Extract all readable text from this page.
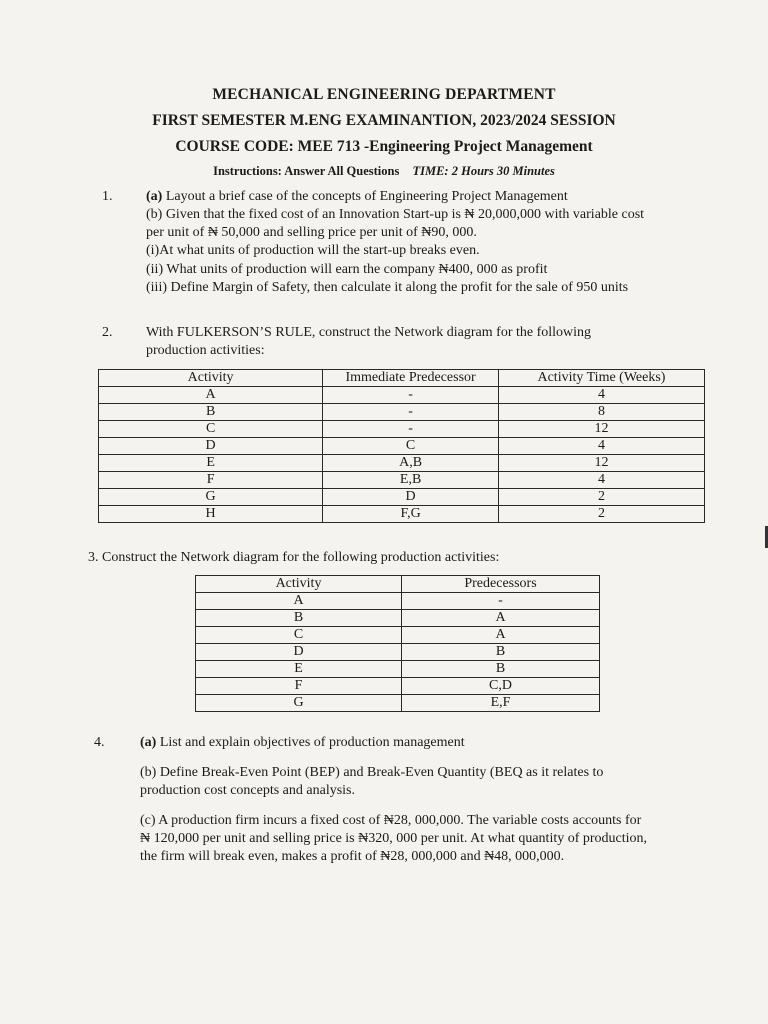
MECHANICAL ENGINEERING DEPARTMENT
FIRST SEMESTER M.ENG EXAMINANTION, 2023/2024 SESSION
COURSE CODE: MEE 713 -Engineering Project Management
Instructions: Answer All Questions TIME: 2 Hours 30 Minutes
1. (a) Layout a brief case of the concepts of Engineering Project Management
(b) Given that the fixed cost of an Innovation Start-up is ₦ 20,000,000 with variable cost
per unit of ₦ 50,000 and selling price per unit of ₦90, 000.
(i)At what units of production will the start-up breaks even.
(ii) What units of production will earn the company ₦400, 000 as profit
(iii) Define Margin of Safety, then calculate it along the profit for the sale of 950 units
2. With FULKERSON’S RULE, construct the Network diagram for the following
production activities:
Activity	Immediate Predecessor	Activity Time (Weeks)
A	-	4
B	-	8
C	-	12
D	C	4
E	A,B	12
F	E,B	4
G	D	2
H	F,G	2
3. Construct the Network diagram for the following production activities:
Activity	Predecessors
A	-
B	A
C	A
D	B
E	B
F	C,D
G	E,F
4.	(a) List and explain objectives of production management
(b) Define Break-Even Point (BEP) and Break-Even Quantity (BEQ as it relates to
production cost concepts and analysis.
(c) A production firm incurs a fixed cost of ₦28, 000,000. The variable costs accounts for
₦ 120,000 per unit and selling price is ₦320, 000 per unit. At what quantity of production,
the firm will break even, makes a profit of ₦28, 000,000 and ₦48, 000,000.
